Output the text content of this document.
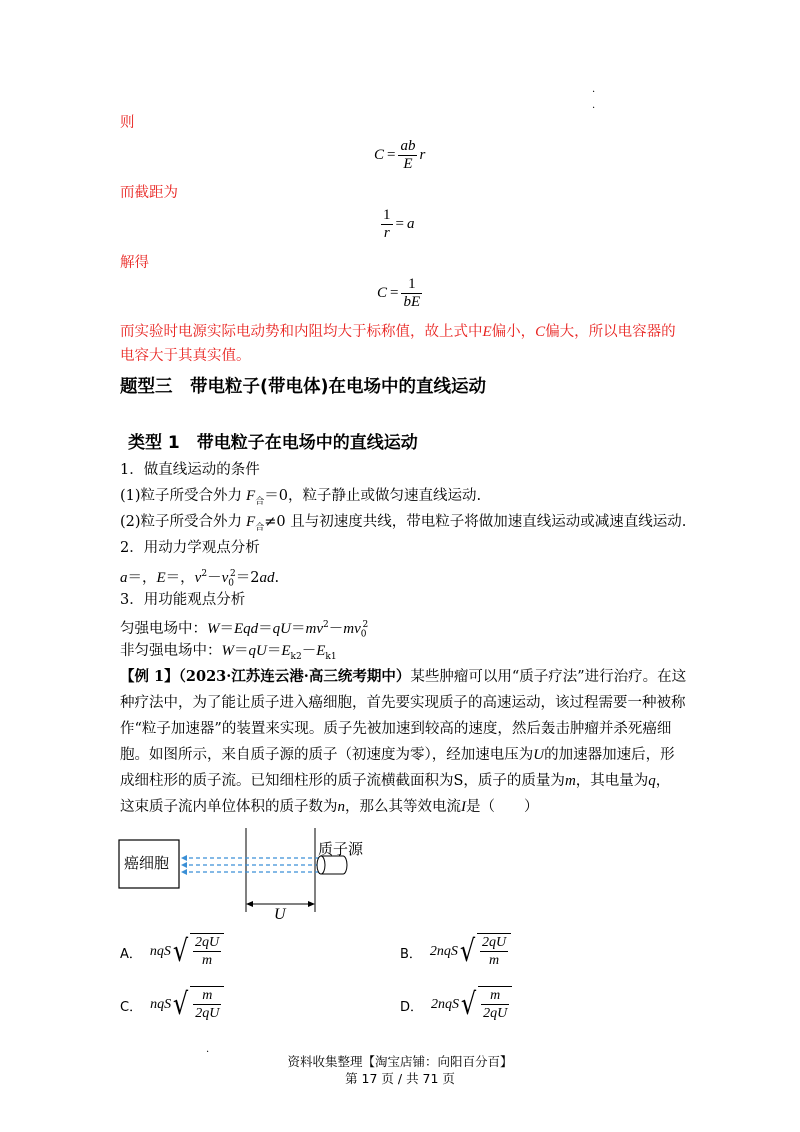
.
.
则
$C = \frac{ab}{E}$ r
而截距为
$\frac{1}{r} = a$
解得
$C = \frac{1}{bE}$
而实验时电源实际电动势和内阻均大于标称值，故上式中E偏小，C偏大，所以电容器的
电容大于其真实值。
题型三　带电粒子(带电体)在电场中的直线运动
类型 1　带电粒子在电场中的直线运动
1．做直线运动的条件
(1)粒子所受合外力 $F_合=0$，粒子静止或做匀速直线运动.
(2)粒子所受合外力 $F_合\ne 0$ 且与初速度共线，带电粒子将做加速直线运动或减速直线运动.
2．用动力学观点分析
a＝，E＝，$v^2-v_0^2=2ad$.
3．用功能观点分析
匀强电场中：$W=Eqd=qU=mv^2-mv_0^2$
非匀强电场中：$W=qU=E_{k2}-E_{k1}$
【例 1】（2023·江苏连云港·高三统考期中）某些肿瘤可以用“质子疗法”进行治疗。在这
种疗法中，为了能让质子进入癌细胞，首先要实现质子的高速运动，该过程需要一种被称
作“粒子加速器”的装置来实现。质子先被加速到较高的速度，然后轰击肿瘤并杀死癌细
胞。如图所示，来自质子源的质子（初速度为零），经加速电压为U的加速器加速后，形
成细柱形的质子流。已知细柱形的质子流横截面积为S，质子的质量为m，其电量为q，
这束质子流内单位体积的质子数为n，那么其等效电流I是（　　）
癌细胞
质子源
U
A． nqS √ $\frac{2qU}{m}$	B． 2nqS √ $\frac{2qU}{m}$
C． nqS √ $\frac{m}{2qU}$	D． 2nqS √ $\frac{m}{2qU}$
.
资料收集整理【淘宝店铺：向阳百分百】
第 17 页 / 共 71 页
